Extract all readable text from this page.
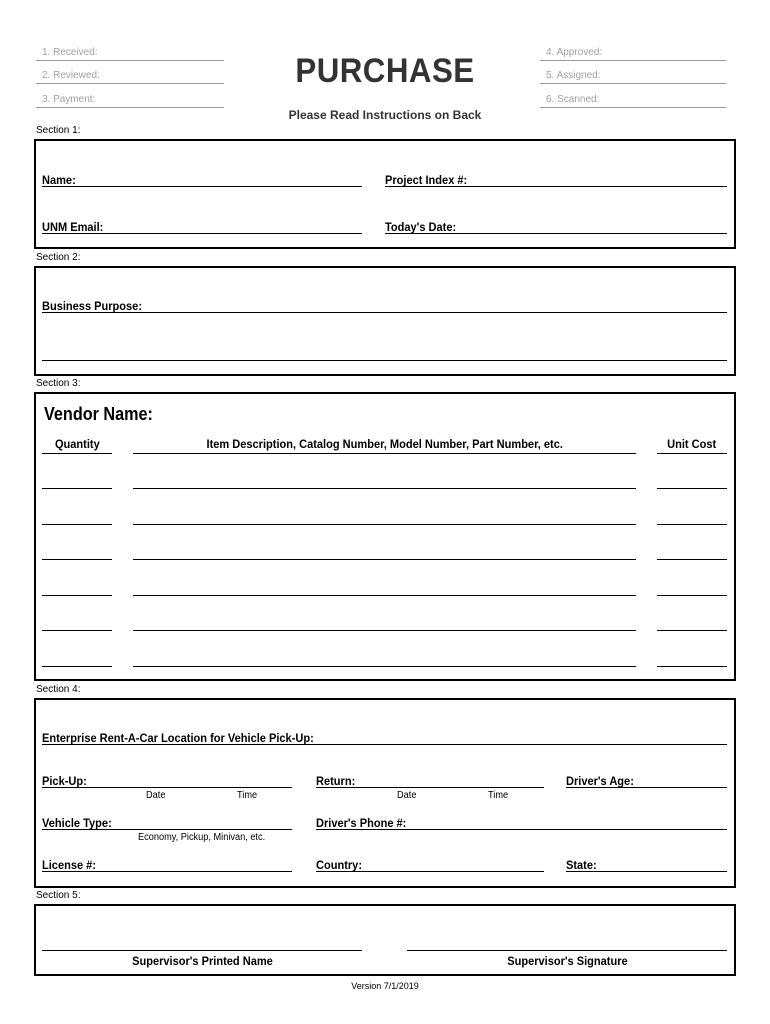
1. Received:
2. Reviewed:
3. Payment:
4. Approved:
5. Assigned:
6. Scanned:
PURCHASE
Please Read Instructions on Back
Section 1:
Name:	Project Index #:
UNM Email:	Today's Date:
Section 2:
Business Purpose:
Section 3:
Vendor Name:
Quantity	Item Description, Catalog Number, Model Number, Part Number, etc.	Unit Cost
Section 4:
Enterprise Rent-A-Car Location for Vehicle Pick-Up:
Pick-Up:	Return:	Driver's Age:
Date	Time	Date	Time
Vehicle Type:	Driver's Phone #:
Economy, Pickup, Minivan, etc.
License #:	Country:	State:
Section 5:
Supervisor's Printed Name	Supervisor's Signature
Version 7/1/2019
